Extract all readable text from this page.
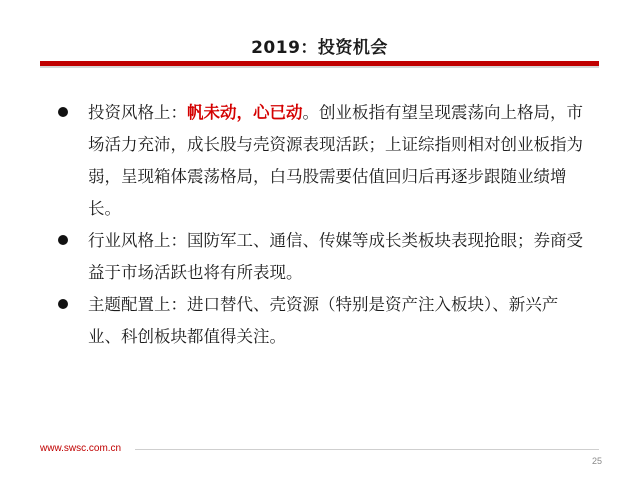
2019：投资机会
投资风格上：帆未动，心已动。创业板指有望呈现震荡向上格局，市场活力充沛，成长股与壳资源表现活跃；上证综指则相对创业板指为弱，呈现箱体震荡格局，白马股需要估值回归后再逐步跟随业绩增长。
行业风格上：国防军工、通信、传媒等成长类板块表现抢眼；券商受益于市场活跃也将有所表现。
主题配置上：进口替代、壳资源（特别是资产注入板块）、新兴产业、科创板块都值得关注。
www.swsc.com.cn
25
